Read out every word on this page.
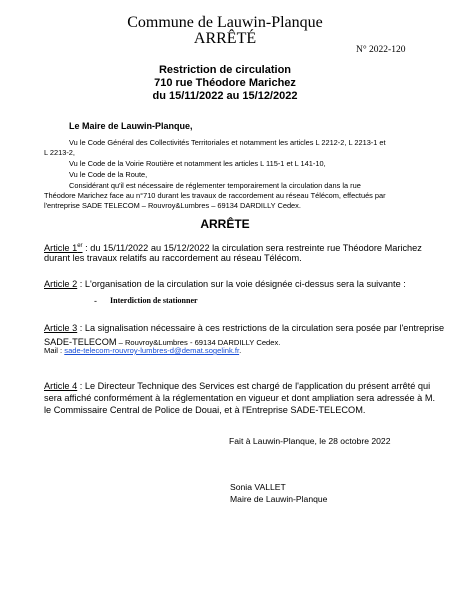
Commune de Lauwin-Planque
ARRÊTÉ
N° 2022-120
Restriction de circulation
710 rue Théodore Marichez
du 15/11/2022 au 15/12/2022
Le Maire de Lauwin-Planque,
Vu le Code Général des Collectivités Territoriales et notamment les articles L 2212-2, L 2213-1 et
L 2213-2,
Vu le Code de la Voirie Routière et notamment les articles L 115-1 et L 141-10,
Vu le Code de la Route,
Considérant qu'il est nécessaire de réglementer temporairement la circulation dans la rue
Théodore Marichez face au n°710 durant les travaux de raccordement au réseau Télécom, effectués par
l'entreprise SADE TELECOM – Rouvroy&Lumbres – 69134 DARDILLY Cedex.
ARRÊTE
Article 1er : du 15/11/2022 au 15/12/2022 la circulation sera restreinte rue Théodore Marichez
durant les travaux relatifs au raccordement au réseau Télécom.
Article 2 : L'organisation de la circulation sur la voie désignée ci-dessus sera la suivante :
- Interdiction de stationner
Article 3 : La signalisation nécessaire à ces restrictions de la circulation sera posée par l'entreprise
SADE-TELECOM – Rouvroy&Lumbres - 69134 DARDILLY Cedex.
Mail : sade-telecom-rouvroy-lumbres-d@demat.sogelink.fr.
Article 4 : Le Directeur Technique des Services est chargé de l'application du présent arrêté qui
sera affiché conformément à la réglementation en vigueur et dont ampliation sera adressée à M.
le Commissaire Central de Police de Douai, et à l'Entreprise SADE-TELECOM.
Fait à Lauwin-Planque, le 28 octobre 2022
Sonia VALLET
Maire de Lauwin-Planque
